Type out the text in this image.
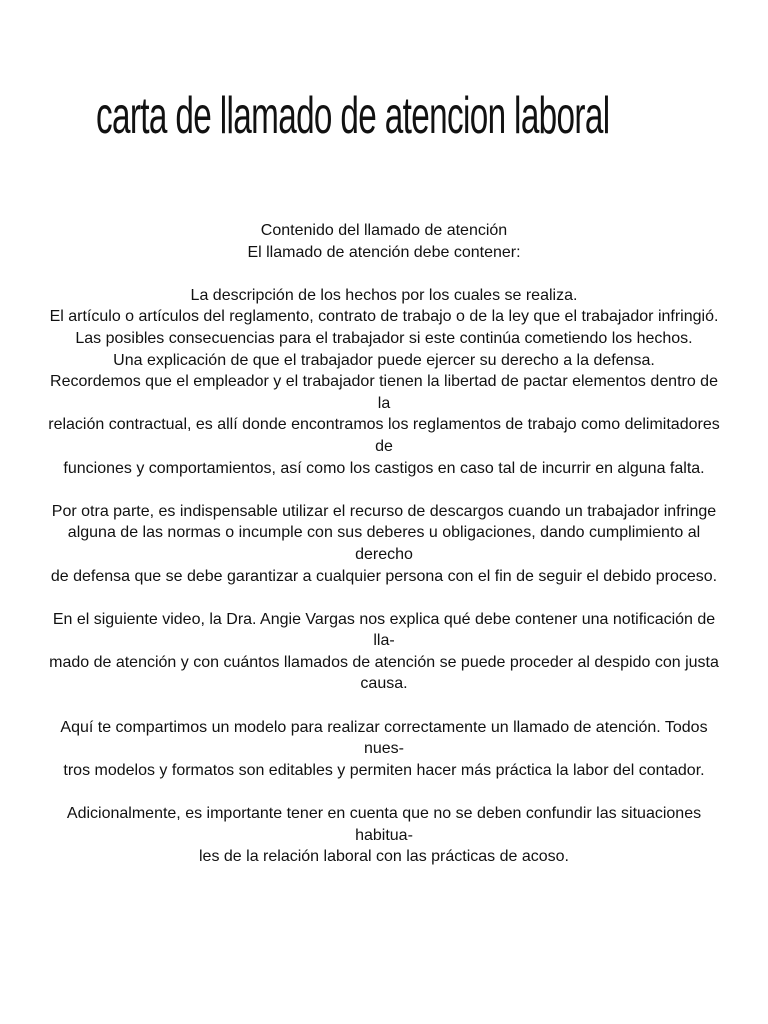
carta de llamado de atencion laboral

Contenido del llamado de atención

El llamado de atención debe contener:

La descripción de los hechos por los cuales se realiza.

El artículo o artículos del reglamento, contrato de trabajo o de la ley que el trabajador infringió.

Las posibles consecuencias para el trabajador si este continúa cometiendo los hechos.

Una explicación de que el trabajador puede ejercer su derecho a la defensa.

Recordemos que el empleador y el trabajador tienen la libertad de pactar elementos dentro de la

relación contractual, es allí donde encontramos los reglamentos de trabajo como delimitadores de

funciones y comportamientos, así como los castigos en caso tal de incurrir en alguna falta.

Por otra parte, es indispensable utilizar el recurso de descargos cuando un trabajador infringe

alguna de las normas o incumple con sus deberes u obligaciones, dando cumplimiento al derecho

de defensa que se debe garantizar a cualquier persona con el fin de seguir el debido proceso.

En el siguiente video, la Dra. Angie Vargas nos explica qué debe contener una notificación de lla-

mado de atención y con cuántos llamados de atención se puede proceder al despido con justa

causa.

Aquí te compartimos un modelo para realizar correctamente un llamado de atención. Todos nues-

tros modelos y formatos son editables y permiten hacer más práctica la labor del contador.

Adicionalmente, es importante tener en cuenta que no se deben confundir las situaciones habitua-

les de la relación laboral con las prácticas de acoso.
